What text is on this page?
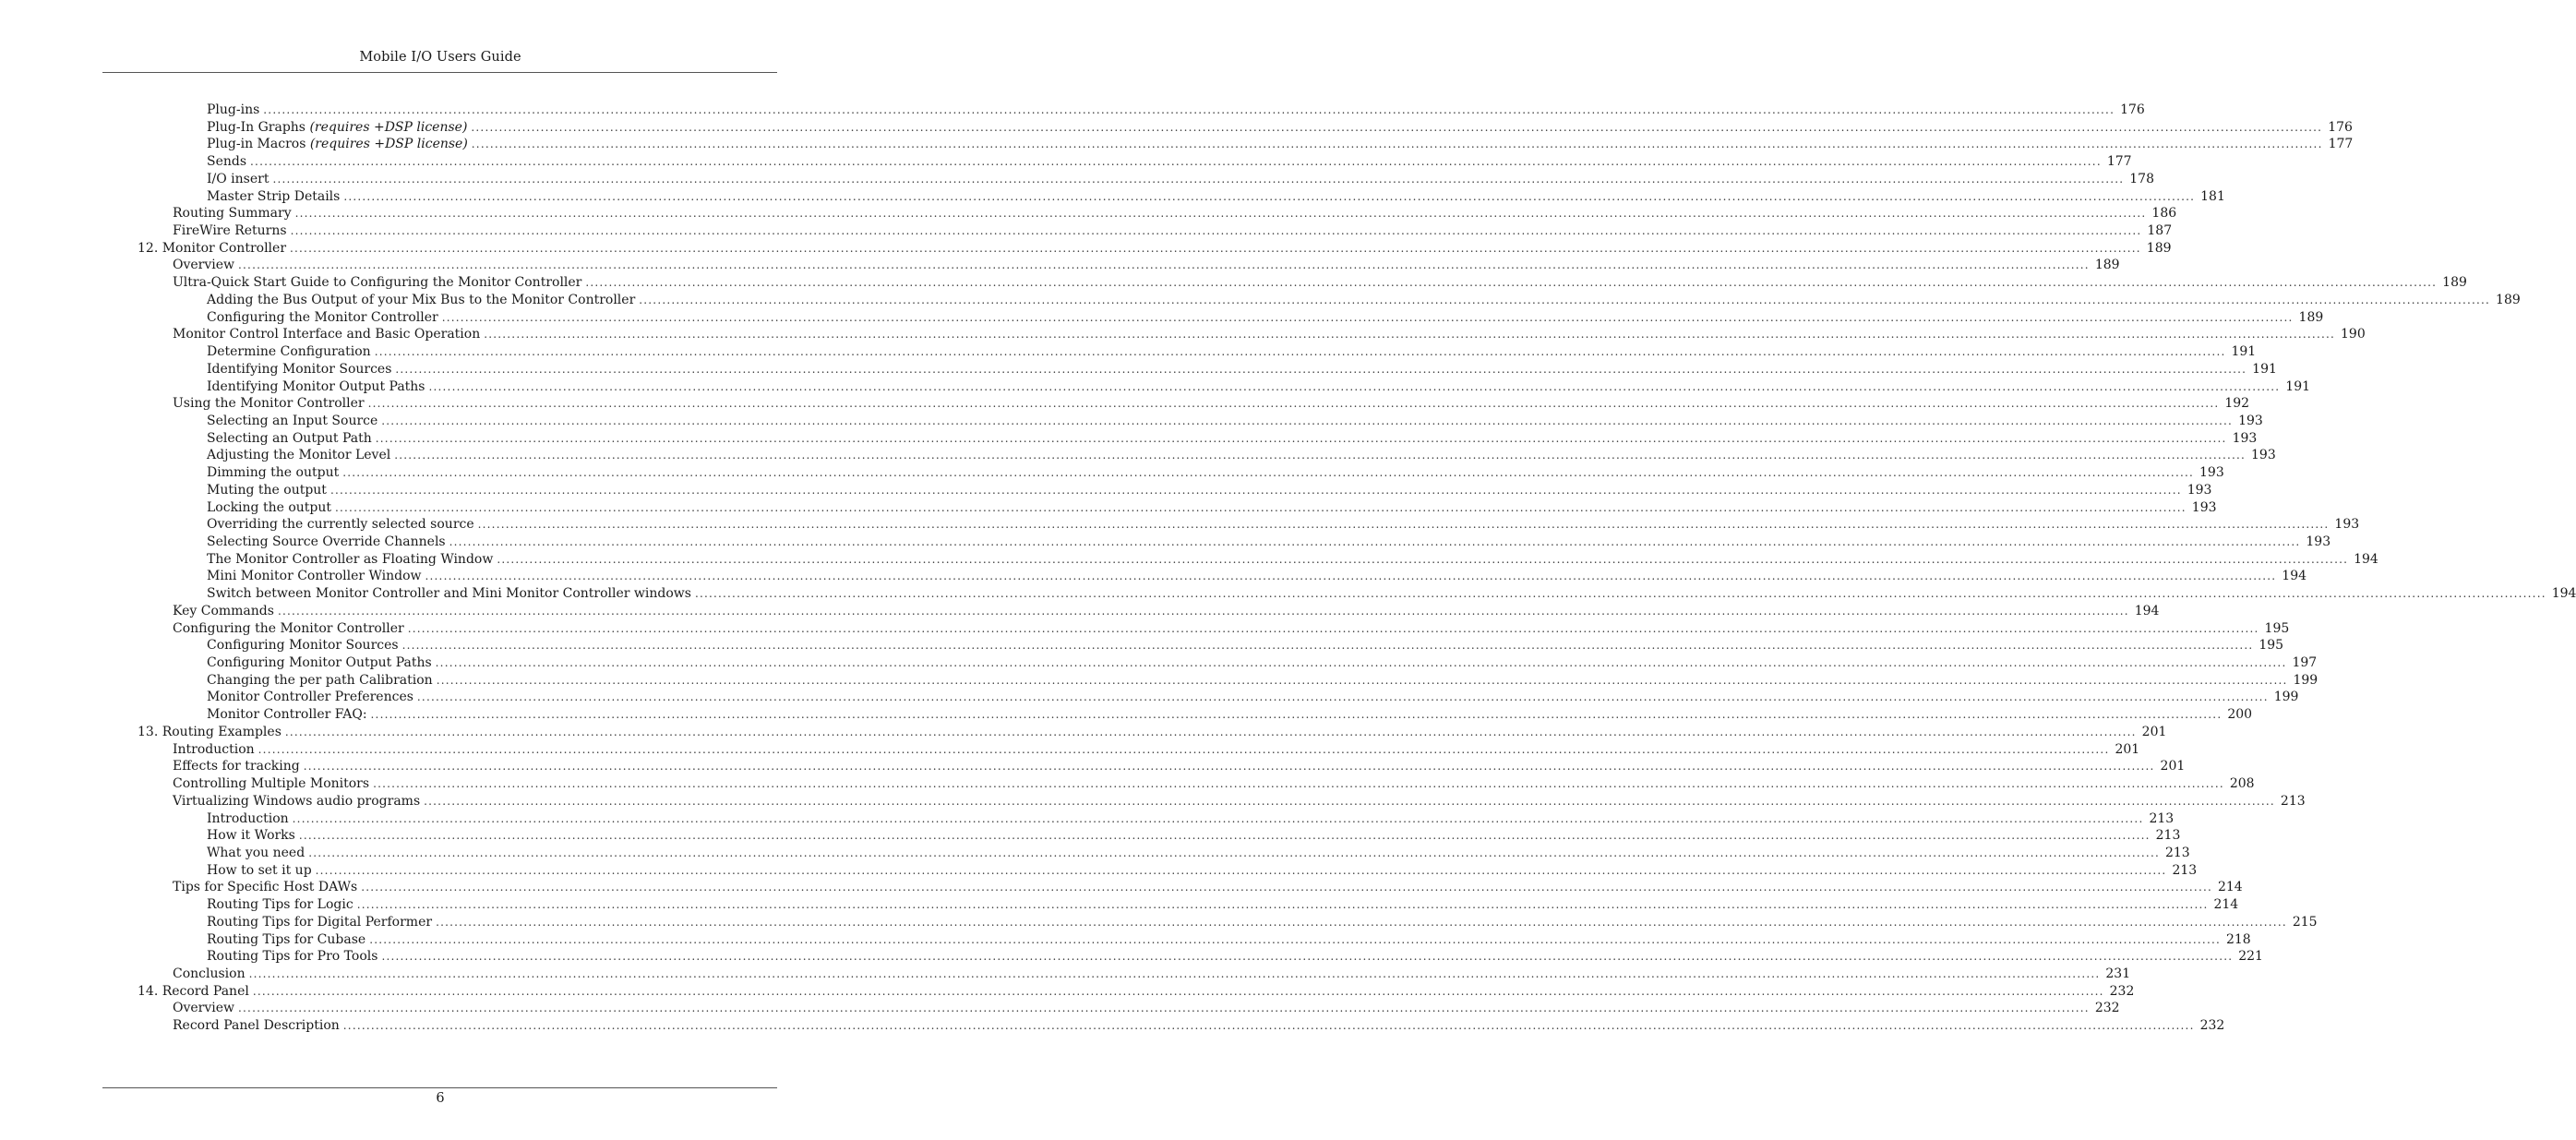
Mobile I/O Users Guide
Plug-ins ................................................................................................................................................................................................................................................................................................................................................................................................................ 176
Plug-In Graphs (requires +DSP license) ................................................................................................................................................................................................................................................................................................................................................................................................................ 176
Plug-in Macros (requires +DSP license) ................................................................................................................................................................................................................................................................................................................................................................................................................ 177
Sends ................................................................................................................................................................................................................................................................................................................................................................................................................ 177
I/O insert ................................................................................................................................................................................................................................................................................................................................................................................................................ 178
Master Strip Details ................................................................................................................................................................................................................................................................................................................................................................................................................ 181
Routing Summary ................................................................................................................................................................................................................................................................................................................................................................................................................ 186
FireWire Returns ................................................................................................................................................................................................................................................................................................................................................................................................................ 187
12. Monitor Controller ................................................................................................................................................................................................................................................................................................................................................................................................................ 189
Overview ................................................................................................................................................................................................................................................................................................................................................................................................................ 189
Ultra-Quick Start Guide to Configuring the Monitor Controller ................................................................................................................................................................................................................................................................................................................................................................................................................ 189
Adding the Bus Output of your Mix Bus to the Monitor Controller ................................................................................................................................................................................................................................................................................................................................................................................................................ 189
Configuring the Monitor Controller ................................................................................................................................................................................................................................................................................................................................................................................................................ 189
Monitor Control Interface and Basic Operation ................................................................................................................................................................................................................................................................................................................................................................................................................ 190
Determine Configuration ................................................................................................................................................................................................................................................................................................................................................................................................................ 191
Identifying Monitor Sources ................................................................................................................................................................................................................................................................................................................................................................................................................ 191
Identifying Monitor Output Paths ................................................................................................................................................................................................................................................................................................................................................................................................................ 191
Using the Monitor Controller ................................................................................................................................................................................................................................................................................................................................................................................................................ 192
Selecting an Input Source ................................................................................................................................................................................................................................................................................................................................................................................................................ 193
Selecting an Output Path ................................................................................................................................................................................................................................................................................................................................................................................................................ 193
Adjusting the Monitor Level ................................................................................................................................................................................................................................................................................................................................................................................................................ 193
Dimming the output ................................................................................................................................................................................................................................................................................................................................................................................................................ 193
Muting the output ................................................................................................................................................................................................................................................................................................................................................................................................................ 193
Locking the output ................................................................................................................................................................................................................................................................................................................................................................................................................ 193
Overriding the currently selected source ................................................................................................................................................................................................................................................................................................................................................................................................................ 193
Selecting Source Override Channels ................................................................................................................................................................................................................................................................................................................................................................................................................ 193
The Monitor Controller as Floating Window ................................................................................................................................................................................................................................................................................................................................................................................................................ 194
Mini Monitor Controller Window ................................................................................................................................................................................................................................................................................................................................................................................................................ 194
Switch between Monitor Controller and Mini Monitor Controller windows ................................................................................................................................................................................................................................................................................................................................................................................................................ 194
Key Commands ................................................................................................................................................................................................................................................................................................................................................................................................................ 194
Configuring the Monitor Controller ................................................................................................................................................................................................................................................................................................................................................................................................................ 195
Configuring Monitor Sources ................................................................................................................................................................................................................................................................................................................................................................................................................ 195
Configuring Monitor Output Paths ................................................................................................................................................................................................................................................................................................................................................................................................................ 197
Changing the per path Calibration ................................................................................................................................................................................................................................................................................................................................................................................................................ 199
Monitor Controller Preferences ................................................................................................................................................................................................................................................................................................................................................................................................................ 199
Monitor Controller FAQ: ................................................................................................................................................................................................................................................................................................................................................................................................................ 200
13. Routing Examples ................................................................................................................................................................................................................................................................................................................................................................................................................ 201
Introduction ................................................................................................................................................................................................................................................................................................................................................................................................................ 201
Effects for tracking ................................................................................................................................................................................................................................................................................................................................................................................................................ 201
Controlling Multiple Monitors ................................................................................................................................................................................................................................................................................................................................................................................................................ 208
Virtualizing Windows audio programs ................................................................................................................................................................................................................................................................................................................................................................................................................ 213
Introduction ................................................................................................................................................................................................................................................................................................................................................................................................................ 213
How it Works ................................................................................................................................................................................................................................................................................................................................................................................................................ 213
What you need ................................................................................................................................................................................................................................................................................................................................................................................................................ 213
How to set it up ................................................................................................................................................................................................................................................................................................................................................................................................................ 213
Tips for Specific Host DAWs ................................................................................................................................................................................................................................................................................................................................................................................................................ 214
Routing Tips for Logic ................................................................................................................................................................................................................................................................................................................................................................................................................ 214
Routing Tips for Digital Performer ................................................................................................................................................................................................................................................................................................................................................................................................................ 215
Routing Tips for Cubase ................................................................................................................................................................................................................................................................................................................................................................................................................ 218
Routing Tips for Pro Tools ................................................................................................................................................................................................................................................................................................................................................................................................................ 221
Conclusion ................................................................................................................................................................................................................................................................................................................................................................................................................ 231
14. Record Panel ................................................................................................................................................................................................................................................................................................................................................................................................................ 232
Overview ................................................................................................................................................................................................................................................................................................................................................................................................................ 232
Record Panel Description ................................................................................................................................................................................................................................................................................................................................................................................................................ 232
6
